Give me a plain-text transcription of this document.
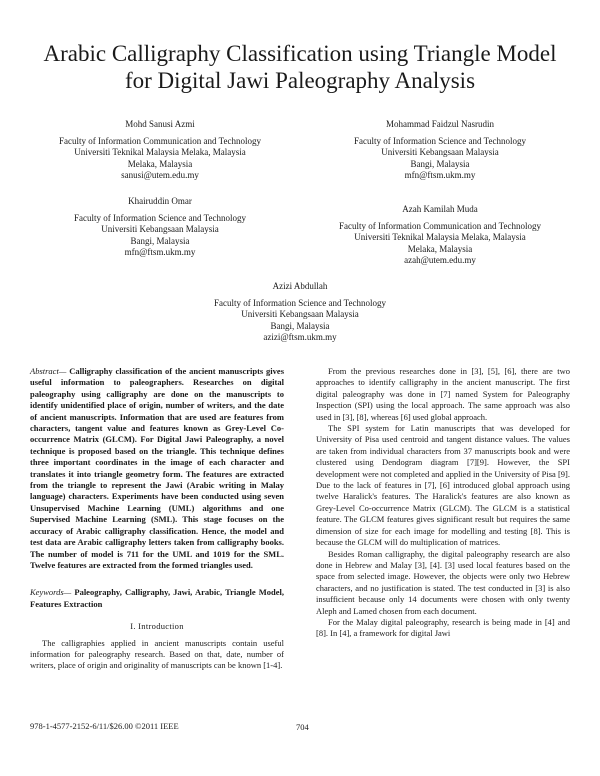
Arabic Calligraphy Classification using Triangle Model for Digital Jawi Paleography Analysis
Mohd Sanusi Azmi
Faculty of Information Communication and Technology
Universiti Teknikal Malaysia Melaka, Malaysia
Melaka, Malaysia
sanusi@utem.edu.my
Mohammad Faidzul Nasrudin
Faculty of Information Science and Technology
Universiti Kebangsaan Malaysia
Bangi, Malaysia
mfn@ftsm.ukm.my
Khairuddin Omar
Faculty of Information Science and Technology
Universiti Kebangsaan Malaysia
Bangi, Malaysia
mfn@ftsm.ukm.my
Azah Kamilah Muda
Faculty of Information Communication and Technology
Universiti Teknikal Malaysia Melaka, Malaysia
Melaka, Malaysia
azah@utem.edu.my
Azizi Abdullah
Faculty of Information Science and Technology
Universiti Kebangsaan Malaysia
Bangi, Malaysia
azizi@ftsm.ukm.my

Abstract— Calligraphy classification of the ancient manuscripts gives useful information to paleographers. Researches on digital paleography using calligraphy are done on the manuscripts to identify unidentified place of origin, number of writers, and the date of ancient manuscripts. Information that are used are features from characters, tangent value and features known as Grey-Level Co-occurrence Matrix (GLCM). For Digital Jawi Paleography, a novel technique is proposed based on the triangle. This technique defines three important coordinates in the image of each character and translates it into triangle geometry form. The features are extracted from the triangle to represent the Jawi (Arabic writing in Malay language) characters. Experiments have been conducted using seven Unsupervised Machine Learning (UML) algorithms and one Supervised Machine Learning (SML). This stage focuses on the accuracy of Arabic calligraphy classification. Hence, the model and test data are Arabic calligraphy letters taken from calligraphy books. The number of model is 711 for the UML and 1019 for the SML. Twelve features are extracted from the formed triangles used.

Keywords— Paleography, Calligraphy, Jawi, Arabic, Triangle Model, Features Extraction

I. Introduction

The calligraphies applied in ancient manuscripts contain useful information for paleography research. Based on that, date, number of writers, place of origin and originality of manuscripts can be known [1-4].

From the previous researches done in [3], [5], [6], there are two approaches to identify calligraphy in the ancient manuscript. The first digital paleography was done in [7] named System for Paleography Inspection (SPI) using the local approach. The same approach was also used in [3], [8], whereas [6] used global approach.

The SPI system for Latin manuscripts that was developed for University of Pisa used centroid and tangent distance values. The values are taken from individual characters from 37 manuscripts book and were clustered using Dendogram diagram [7][9]. However, the SPI development were not completed and applied in the University of Pisa [9]. Due to the lack of features in [7], [6] introduced global approach using twelve Haralick's features. The Haralick's features are also known as Grey-Level Co-occurrence Matrix (GLCM). The GLCM is a statistical feature. The GLCM features gives significant result but requires the same dimension of size for each image for modelling and testing [8]. This is because the GLCM will do multiplication of matrices.

Besides Roman calligraphy, the digital paleography research are also done in Hebrew and Malay [3], [4]. [3] used local features based on the space from selected image. However, the objects were only two Hebrew characters, and no justification is stated. The test conducted in [3] is also insufficient because only 14 documents were chosen with only twenty Aleph and Lamed chosen from each document.

For the Malay digital paleography, research is being made in [4] and [8]. In [4], a framework for digital Jawi

978-1-4577-2152-6/11/$26.00 ©2011 IEEE	704
